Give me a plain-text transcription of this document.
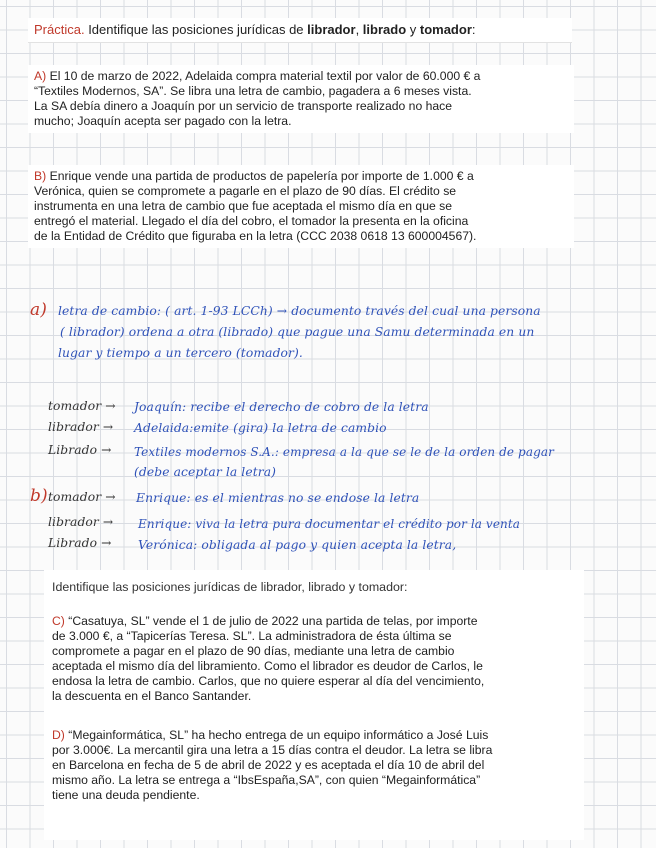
Práctica. Identifique las posiciones jurídicas de librador, librado y tomador:

A) El 10 de marzo de 2022, Adelaida compra material textil por valor de 60.000 € a

“Textiles Modernos, SA”. Se libra una letra de cambio, pagadera a 6 meses vista.

La SA debía dinero a Joaquín por un servicio de transporte realizado no hace

mucho; Joaquín acepta ser pagado con la letra.

B) Enrique vende una partida de productos de papelería por importe de 1.000 € a

Verónica, quien se compromete a pagarle en el plazo de 90 días. El crédito se

instrumenta en una letra de cambio que fue aceptada el mismo día en que se

entregó el material. Llegado el día del cobro, el tomador la presenta en la oficina

de la Entidad de Crédito que figuraba en la letra (CCC 2038 0618 13 600004567).

a) letra de cambio: ( art. 1-93 LCCh) → documento través del cual una persona
( librador) ordena a otra (librado) que pague una Samu determinada en un
lugar y tiempo a un tercero (tomador).
tomador → Joaquín: recibe el derecho de cobro de la letra
librador → Adelaida:emite (gira) la letra de cambio
Librado → Textiles modernos S.A.: empresa a la que se le de la orden de pagar
(debe aceptar la letra)
b) tomador → Enrique: es el mientras no se endose la letra
librador → Enrique: viva la letra pura documentar el crédito por la venta
Librado → Verónica: obligada al pago y quien acepta la letra,

Identifique las posiciones jurídicas de librador, librado y tomador:

C) “Casatuya, SL” vende el 1 de julio de 2022 una partida de telas, por importe

de 3.000 €, a “Tapicerías Teresa. SL”. La administradora de ésta última se

compromete a pagar en el plazo de 90 días, mediante una letra de cambio

aceptada el mismo día del libramiento. Como el librador es deudor de Carlos, le

endosa la letra de cambio. Carlos, que no quiere esperar al día del vencimiento,

la descuenta en el Banco Santander.

D) “Megainformática, SL” ha hecho entrega de un equipo informático a José Luis

por 3.000€. La mercantil gira una letra a 15 días contra el deudor. La letra se libra

en Barcelona en fecha de 5 de abril de 2022 y es aceptada el día 10 de abril del

mismo año. La letra se entrega a “IbsEspaña,SA”, con quien “Megainformática”

tiene una deuda pendiente.
